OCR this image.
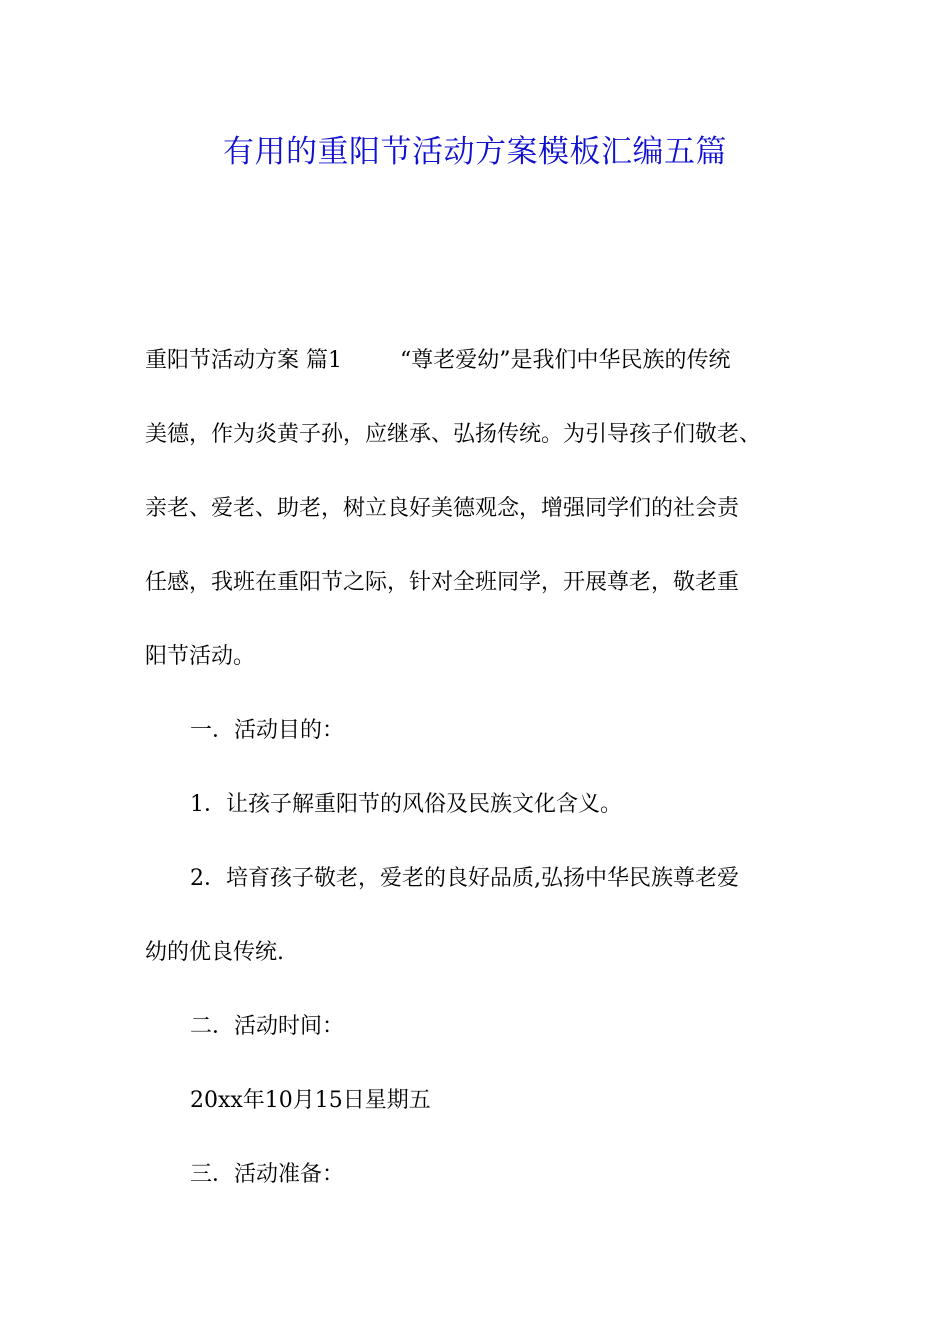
有用的重阳节活动方案模板汇编五篇
重阳节活动方案 篇1	“尊老爱幼”是我们中华民族的传统
美德，作为炎黄子孙，应继承、弘扬传统。为引导孩子们敬老、
亲老、爱老、助老，树立良好美德观念，增强同学们的社会责
任感，我班在重阳节之际，针对全班同学，开展尊老，敬老重
阳节活动。
一．活动目的：
1．让孩子解重阳节的风俗及民族文化含义。
2．培育孩子敬老，爱老的良好品质,弘扬中华民族尊老爱
幼的优良传统.
二．活动时间：
20xx年10月15日星期五
三．活动准备：
